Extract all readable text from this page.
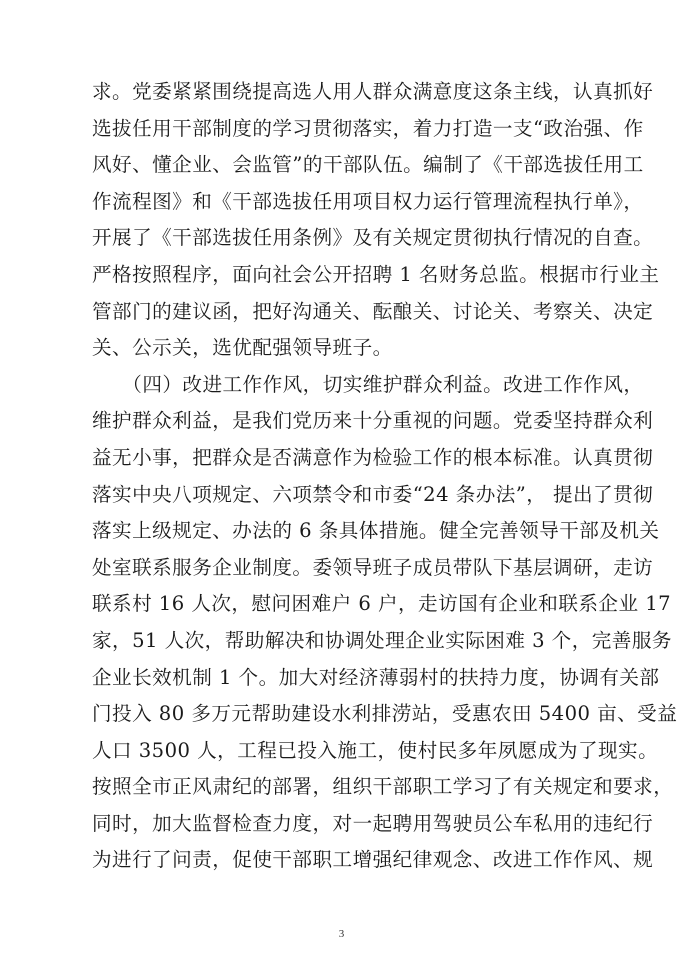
求。党委紧紧围绕提高选人用人群众满意度这条主线，认真抓好
选拔任用干部制度的学习贯彻落实，着力打造一支“政治强、作
风好、懂企业、会监管”的干部队伍。编制了《干部选拔任用工
作流程图》和《干部选拔任用项目权力运行管理流程执行单》，
开展了《干部选拔任用条例》及有关规定贯彻执行情况的自查。
严格按照程序，面向社会公开招聘 1 名财务总监。根据市行业主
管部门的建议函，把好沟通关、酝酿关、讨论关、考察关、决定
关、公示关，选优配强领导班子。
　　（四）改进工作作风，切实维护群众利益。改进工作作风，
维护群众利益，是我们党历来十分重视的问题。党委坚持群众利
益无小事，把群众是否满意作为检验工作的根本标准。认真贯彻
落实中央八项规定、六项禁令和市委“24 条办法”， 提出了贯彻
落实上级规定、办法的 6 条具体措施。健全完善领导干部及机关
处室联系服务企业制度。委领导班子成员带队下基层调研，走访
联系村 16 人次，慰问困难户 6 户，走访国有企业和联系企业 17
家，51 人次，帮助解决和协调处理企业实际困难 3 个，完善服务
企业长效机制 1 个。加大对经济薄弱村的扶持力度，协调有关部
门投入 80 多万元帮助建设水利排涝站，受惠农田 5400 亩、受益
人口 3500 人，工程已投入施工，使村民多年夙愿成为了现实。
按照全市正风肃纪的部署，组织干部职工学习了有关规定和要求，
同时，加大监督检查力度，对一起聘用驾驶员公车私用的违纪行
为进行了问责，促使干部职工增强纪律观念、改进工作作风、规
3
